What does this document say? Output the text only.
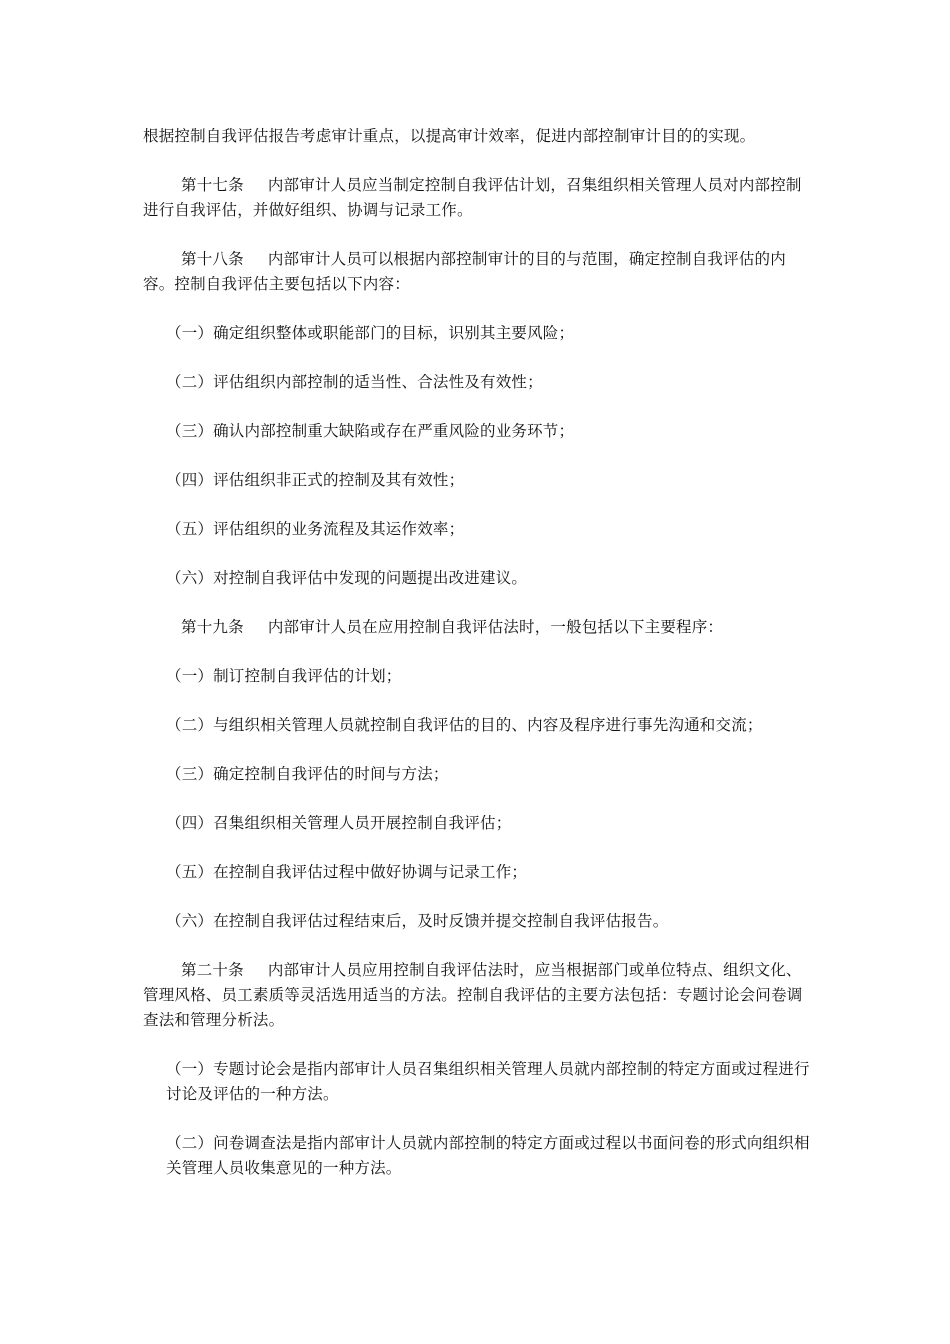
根据控制自我评估报告考虑审计重点，以提高审计效率，促进内部控制审计目的的实现。

第十七条 内部审计人员应当制定控制自我评估计划，召集组织相关管理人员对内部控制进行自我评估，并做好组织、协调与记录工作。

第十八条 内部审计人员可以根据内部控制审计的目的与范围，确定控制自我评估的内容。控制自我评估主要包括以下内容：

（一）确定组织整体或职能部门的目标，识别其主要风险；

（二）评估组织内部控制的适当性、合法性及有效性；

（三）确认内部控制重大缺陷或存在严重风险的业务环节；

（四）评估组织非正式的控制及其有效性；

（五）评估组织的业务流程及其运作效率；

（六）对控制自我评估中发现的问题提出改进建议。

第十九条 内部审计人员在应用控制自我评估法时，一般包括以下主要程序：

（一）制订控制自我评估的计划；

（二）与组织相关管理人员就控制自我评估的目的、内容及程序进行事先沟通和交流；

（三）确定控制自我评估的时间与方法；

（四）召集组织相关管理人员开展控制自我评估；

（五）在控制自我评估过程中做好协调与记录工作；

（六）在控制自我评估过程结束后，及时反馈并提交控制自我评估报告。

第二十条 内部审计人员应用控制自我评估法时，应当根据部门或单位特点、组织文化、管理风格、员工素质等灵活选用适当的方法。控制自我评估的主要方法包括：专题讨论会问卷调查法和管理分析法。

（一）专题讨论会是指内部审计人员召集组织相关管理人员就内部控制的特定方面或过程进行讨论及评估的一种方法。

（二）问卷调查法是指内部审计人员就内部控制的特定方面或过程以书面问卷的形式向组织相关管理人员收集意见的一种方法。
